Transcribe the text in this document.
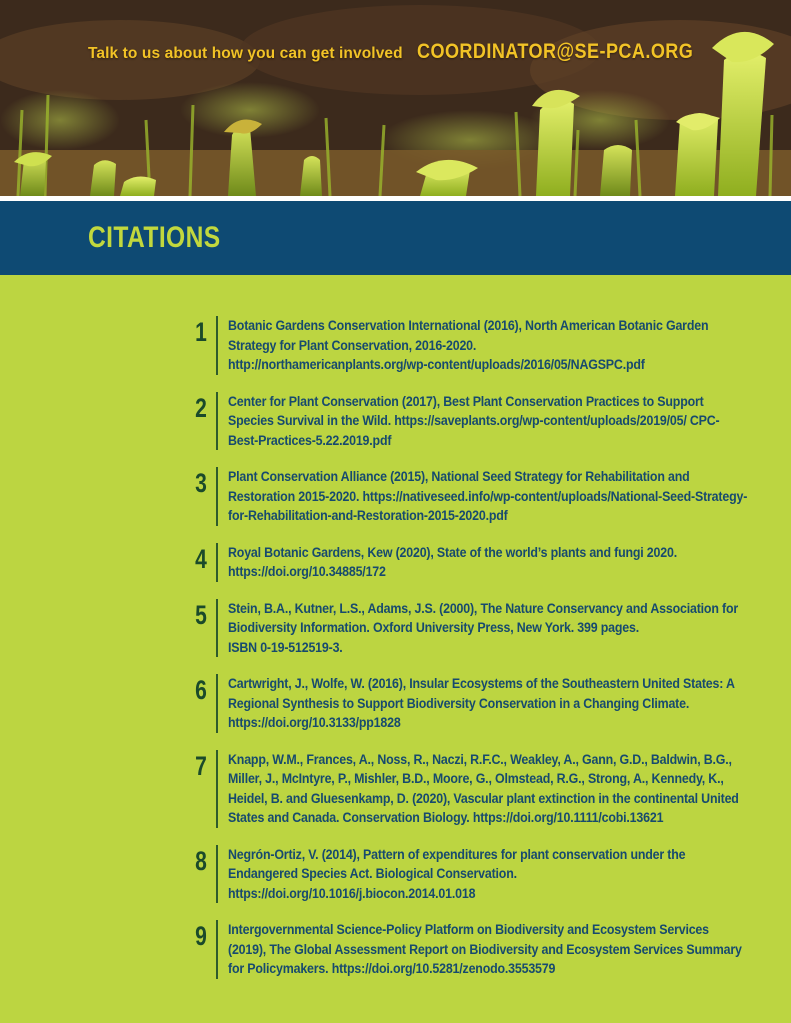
Talk to us about how you can get involved COORDINATOR@SE-PCA.ORG
CITATIONS
1 Botanic Gardens Conservation International (2016), North American Botanic Garden Strategy for Plant Conservation, 2016-2020.
http://northamericanplants.org/wp-content/uploads/2016/05/NAGSPC.pdf
2 Center for Plant Conservation (2017), Best Plant Conservation Practices to Support Species Survival in the Wild. https://saveplants.org/wp-content/uploads/2019/05/ CPC-Best-Practices-5.22.2019.pdf
3 Plant Conservation Alliance (2015), National Seed Strategy for Rehabilitation and Restoration 2015-2020. https://nativeseed.info/wp-content/uploads/National-Seed-Strategy-for-Rehabilitation-and-Restoration-2015-2020.pdf
4 Royal Botanic Gardens, Kew (2020), State of the world’s plants and fungi 2020. https://doi.org/10.34885/172
5 Stein, B.A., Kutner, L.S., Adams, J.S. (2000), The Nature Conservancy and Association for Biodiversity Information. Oxford University Press, New York. 399 pages.
ISBN 0-19-512519-3.
6 Cartwright, J., Wolfe, W. (2016), Insular Ecosystems of the Southeastern United States: A Regional Synthesis to Support Biodiversity Conservation in a Changing Climate. https://doi.org/10.3133/pp1828
7 Knapp, W.M., Frances, A., Noss, R., Naczi, R.F.C., Weakley, A., Gann, G.D., Baldwin, B.G., Miller, J., McIntyre, P., Mishler, B.D., Moore, G., Olmstead, R.G., Strong, A., Kennedy, K., Heidel, B. and Gluesenkamp, D. (2020), Vascular plant extinction in the continental United States and Canada. Conservation Biology. https://doi.org/10.1111/cobi.13621
8 Negrón-Ortiz, V. (2014), Pattern of expenditures for plant conservation under the Endangered Species Act. Biological Conservation.
https://doi.org/10.1016/j.biocon.2014.01.018
9 Intergovernmental Science-Policy Platform on Biodiversity and Ecosystem Services (2019), The Global Assessment Report on Biodiversity and Ecosystem Services Summary for Policymakers. https://doi.org/10.5281/zenodo.3553579
